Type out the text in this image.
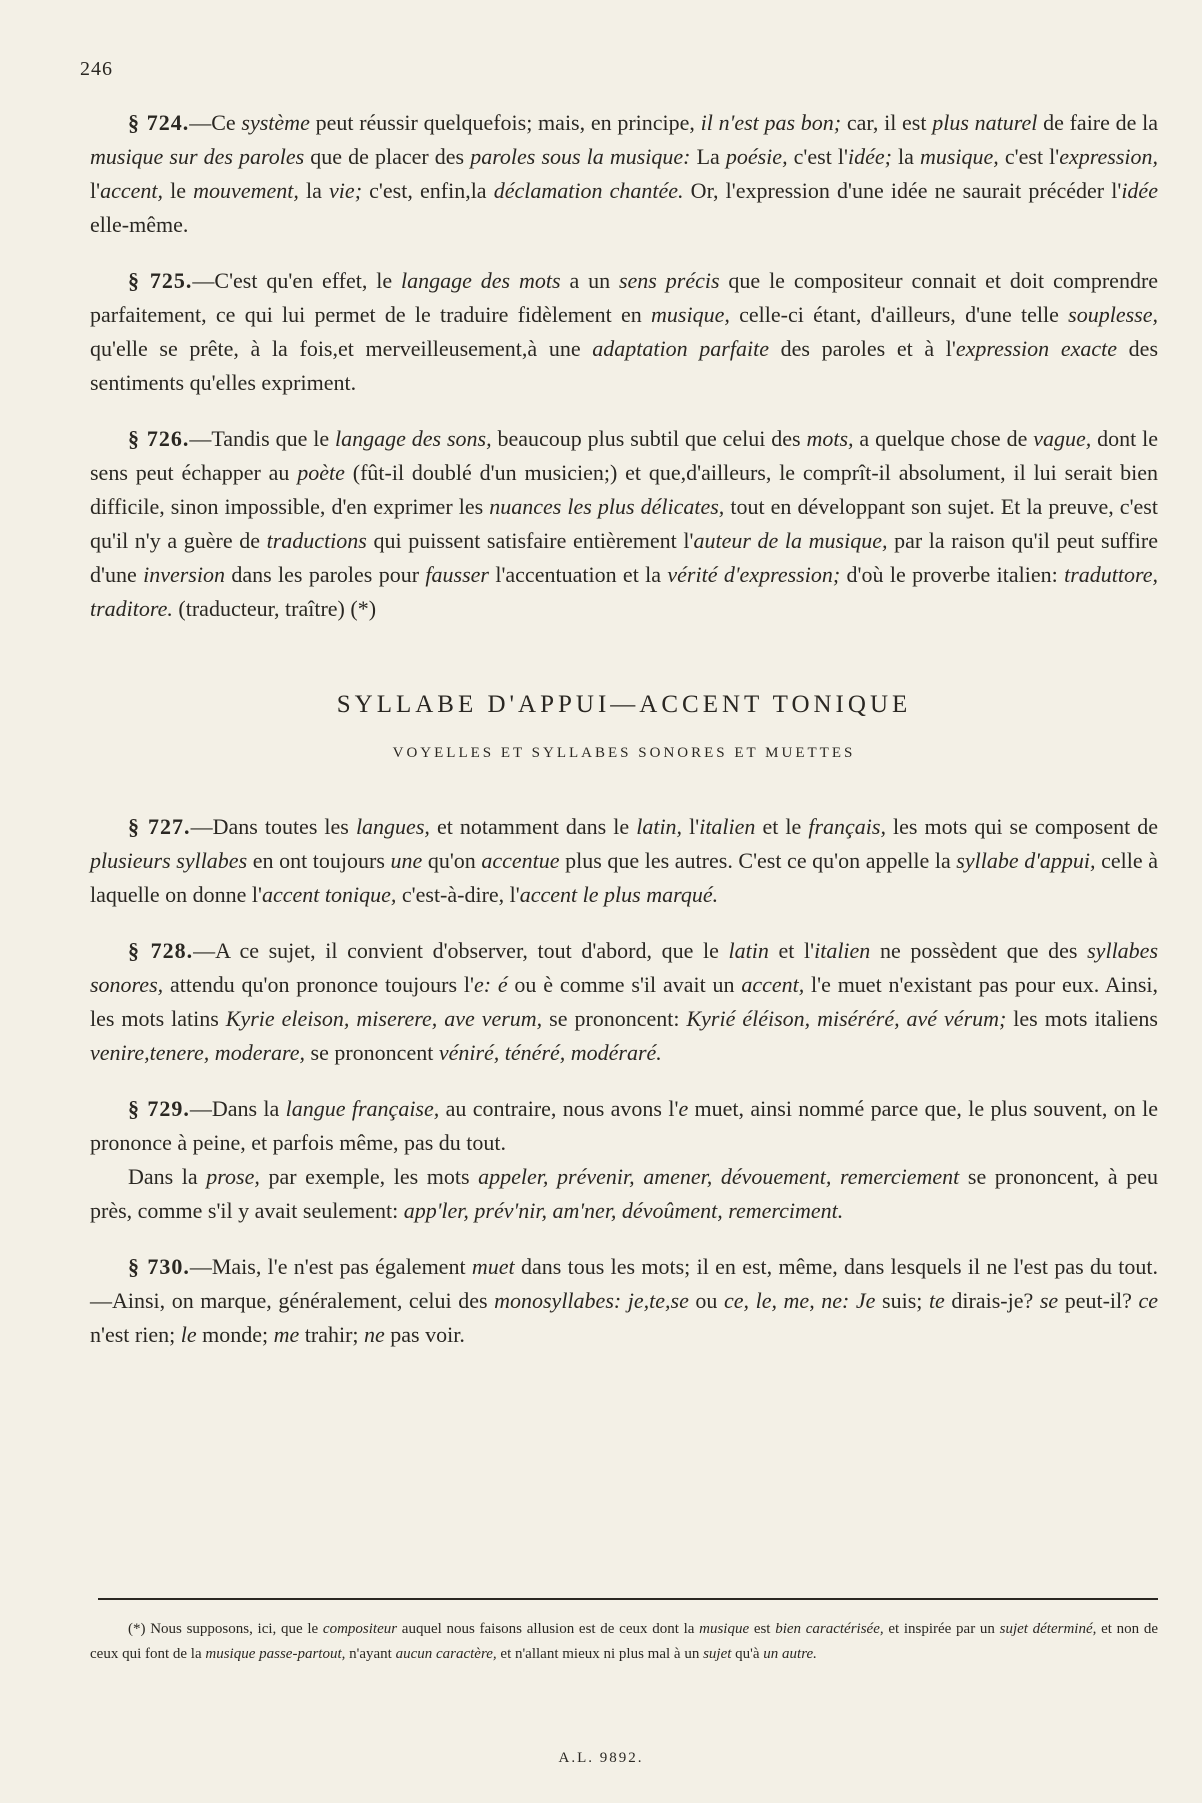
246

§ 724.—Ce système peut réussir quelquefois; mais, en principe, il n'est pas bon; car, il est plus naturel de faire de la musique sur des paroles que de placer des paroles sous la musique: La poésie, c'est l'idée; la musique, c'est l'expression, l'accent, le mouvement, la vie; c'est, enfin,la déclamation chantée. Or, l'expression d'une idée ne saurait précéder l'idée elle-même.

§ 725.—C'est qu'en effet, le langage des mots a un sens précis que le compositeur connait et doit comprendre parfaitement, ce qui lui permet de le traduire fidèlement en musique, celle-ci étant, d'ailleurs, d'une telle souplesse, qu'elle se prête, à la fois,et merveilleusement,à une adaptation parfaite des paroles et à l'expression exacte des sentiments qu'elles expriment.

§ 726.—Tandis que le langage des sons, beaucoup plus subtil que celui des mots, a quelque chose de vague, dont le sens peut échapper au poète (fût-il doublé d'un musicien;) et que,d'ailleurs, le comprît-il absolument, il lui serait bien difficile, sinon impossible, d'en exprimer les nuances les plus délicates, tout en développant son sujet. Et la preuve, c'est qu'il n'y a guère de traductions qui puissent satisfaire entièrement l'auteur de la musique, par la raison qu'il peut suffire d'une inversion dans les paroles pour fausser l'accentuation et la vérité d'expression; d'où le proverbe italien: traduttore, traditore. (traducteur, traître) (*)

SYLLABE D'APPUI—ACCENT TONIQUE

VOYELLES ET SYLLABES SONORES ET MUETTES

§ 727.—Dans toutes les langues, et notamment dans le latin, l'italien et le français, les mots qui se composent de plusieurs syllabes en ont toujours une qu'on accentue plus que les autres. C'est ce qu'on appelle la syllabe d'appui, celle à laquelle on donne l'accent tonique, c'est-à-dire, l'accent le plus marqué.

§ 728.—A ce sujet, il convient d'observer, tout d'abord, que le latin et l'italien ne possèdent que des syllabes sonores, attendu qu'on prononce toujours l'e: é ou è comme s'il avait un accent, l'e muet n'existant pas pour eux. Ainsi, les mots latins Kyrie eleison, miserere, ave verum, se prononcent: Kyrié éléison, miséréré, avé vérum; les mots italiens venire,tenere, moderare, se prononcent véniré, ténéré, modéraré.

§ 729.—Dans la langue française, au contraire, nous avons l'e muet, ainsi nommé parce que, le plus souvent, on le prononce à peine, et parfois même, pas du tout.

Dans la prose, par exemple, les mots appeler, prévenir, amener, dévouement, remerciement se prononcent, à peu près, comme s'il y avait seulement: app'ler, prév'nir, am'ner, dévoûment, remerciment.

§ 730.—Mais, l'e n'est pas également muet dans tous les mots; il en est, même, dans lesquels il ne l'est pas du tout.—Ainsi, on marque, généralement, celui des monosyllabes: je,te,se ou ce, le, me, ne: Je suis; te dirais-je? se peut-il? ce n'est rien; le monde; me trahir; ne pas voir.

(*) Nous supposons, ici, que le compositeur auquel nous faisons allusion est de ceux dont la musique est bien caractérisée, et inspirée par un sujet déterminé, et non de ceux qui font de la musique passe-partout, n'ayant aucun caractère, et n'allant mieux ni plus mal à un sujet qu'à un autre.

A.L. 9892.
